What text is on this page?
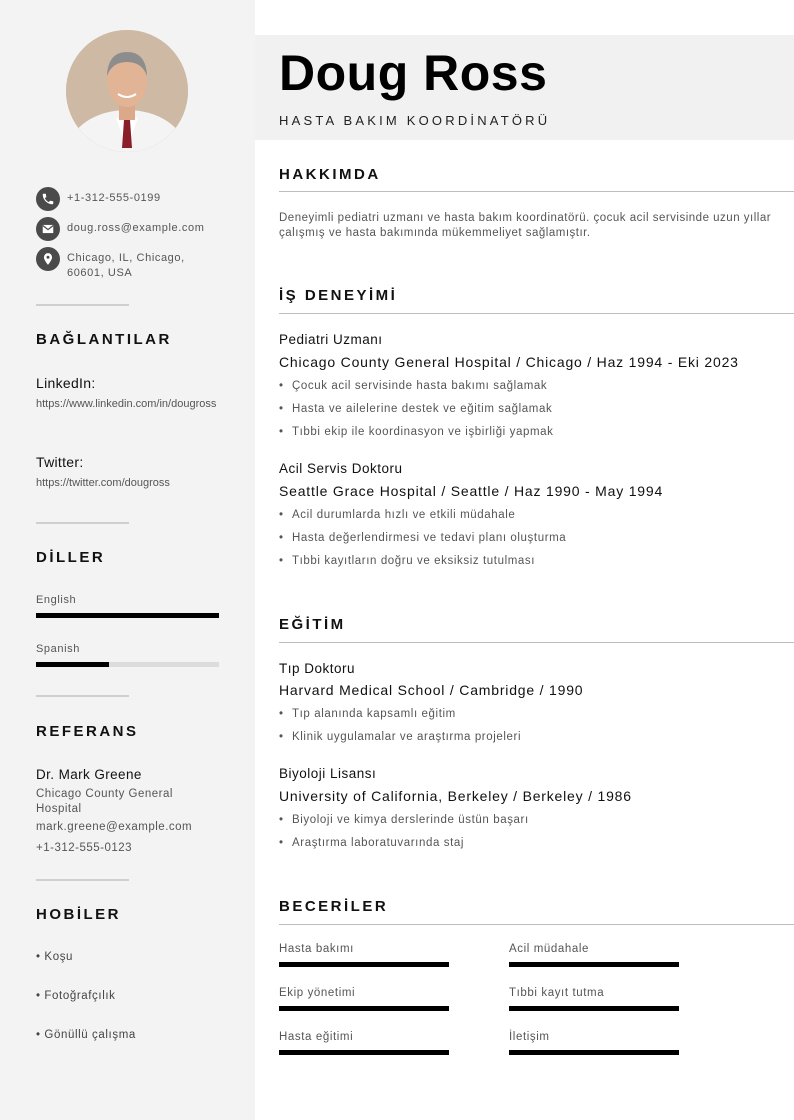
+1-312-555-0199
doug.ross@example.com
Chicago, IL, Chicago, 60601, USA
BAĞLANTILAR
LinkedIn:
https://www.linkedin.com/in/dougross
Twitter:
https://twitter.com/dougross
DİLLER
English
Spanish
REFERANS
Dr. Mark Greene
Chicago County General Hospital
mark.greene@example.com
+1-312-555-0123
HOBİLER
• Koşu
• Fotoğrafçılık
• Gönüllü çalışma
Doug Ross
HASTA BAKIM KOORDİNATÖRÜ
HAKKIMDA
Deneyimli pediatri uzmanı ve hasta bakım koordinatörü. çocuk acil servisinde uzun yıllar çalışmış ve hasta bakımında mükemmeliyet sağlamıştır.
İŞ DENEYİMİ
Pediatri Uzmanı
Chicago County General Hospital / Chicago / Haz 1994 - Eki 2023
• Çocuk acil servisinde hasta bakımı sağlamak
• Hasta ve ailelerine destek ve eğitim sağlamak
• Tıbbi ekip ile koordinasyon ve işbirliği yapmak
Acil Servis Doktoru
Seattle Grace Hospital / Seattle / Haz 1990 - May 1994
• Acil durumlarda hızlı ve etkili müdahale
• Hasta değerlendirmesi ve tedavi planı oluşturma
• Tıbbi kayıtların doğru ve eksiksiz tutulması
EĞİTİM
Tıp Doktoru
Harvard Medical School / Cambridge / 1990
• Tıp alanında kapsamlı eğitim
• Klinik uygulamalar ve araştırma projeleri
Biyoloji Lisansı
University of California, Berkeley / Berkeley / 1986
• Biyoloji ve kimya derslerinde üstün başarı
• Araştırma laboratuvarında staj
BECERİLER
Hasta bakımı	Acil müdahale
Ekip yönetimi	Tıbbi kayıt tutma
Hasta eğitimi	İletişim
